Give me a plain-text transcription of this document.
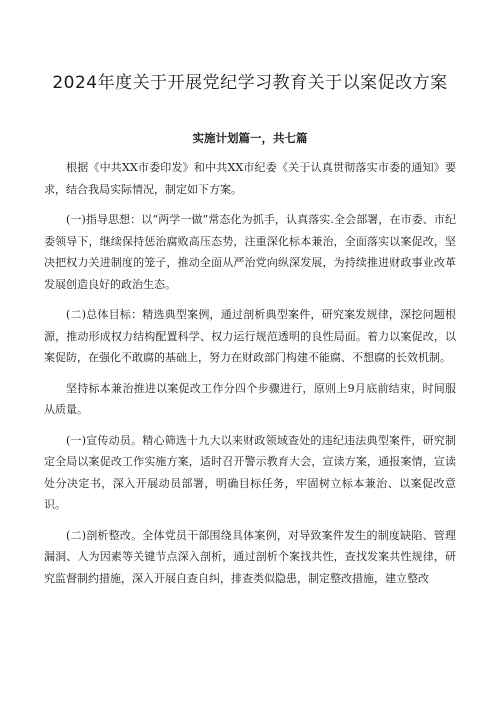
2024年度关于开展党纪学习教育关于以案促改方案
实施计划篇一，共七篇

根据《中共XX市委印发》和中共XX市纪委《关于认真贯彻落实市委的通知》要求，结合我局实际情况，制定如下方案。

(一)指导思想：以“两学一做”常态化为抓手，认真落实.全会部署，在市委、市纪委领导下，继续保持惩治腐败高压态势，注重深化标本兼治，全面落实以案促改，坚决把权力关进制度的笼子，推动全面从严治党向纵深发展，为持续推进财政事业改革发展创造良好的政治生态。

(二)总体目标：精选典型案例，通过剖析典型案件，研究案发规律，深挖问题根源，推动形成权力结构配置科学、权力运行规范透明的良性局面。着力以案促改，以案促防，在强化不敢腐的基础上，努力在财政部门构建不能腐、不想腐的长效机制。

坚持标本兼治推进以案促改工作分四个步骤进行，原则上9月底前结束，时间服从质量。

(一)宣传动员。精心筛选十九大以来财政领域查处的违纪违法典型案件，研究制定全局以案促改工作实施方案，适时召开警示教育大会，宣读方案，通报案情，宣读处分决定书，深入开展动员部署，明确目标任务，牢固树立标本兼治、以案促改意识。

(二)剖析整改。全体党员干部围绕具体案例，对导致案件发生的制度缺陷、管理漏洞、人为因素等关键节点深入剖析，通过剖析个案找共性，查找发案共性规律，研究监督制约措施，深入开展自查自纠，排查类似隐患，制定整改措施，建立整改
